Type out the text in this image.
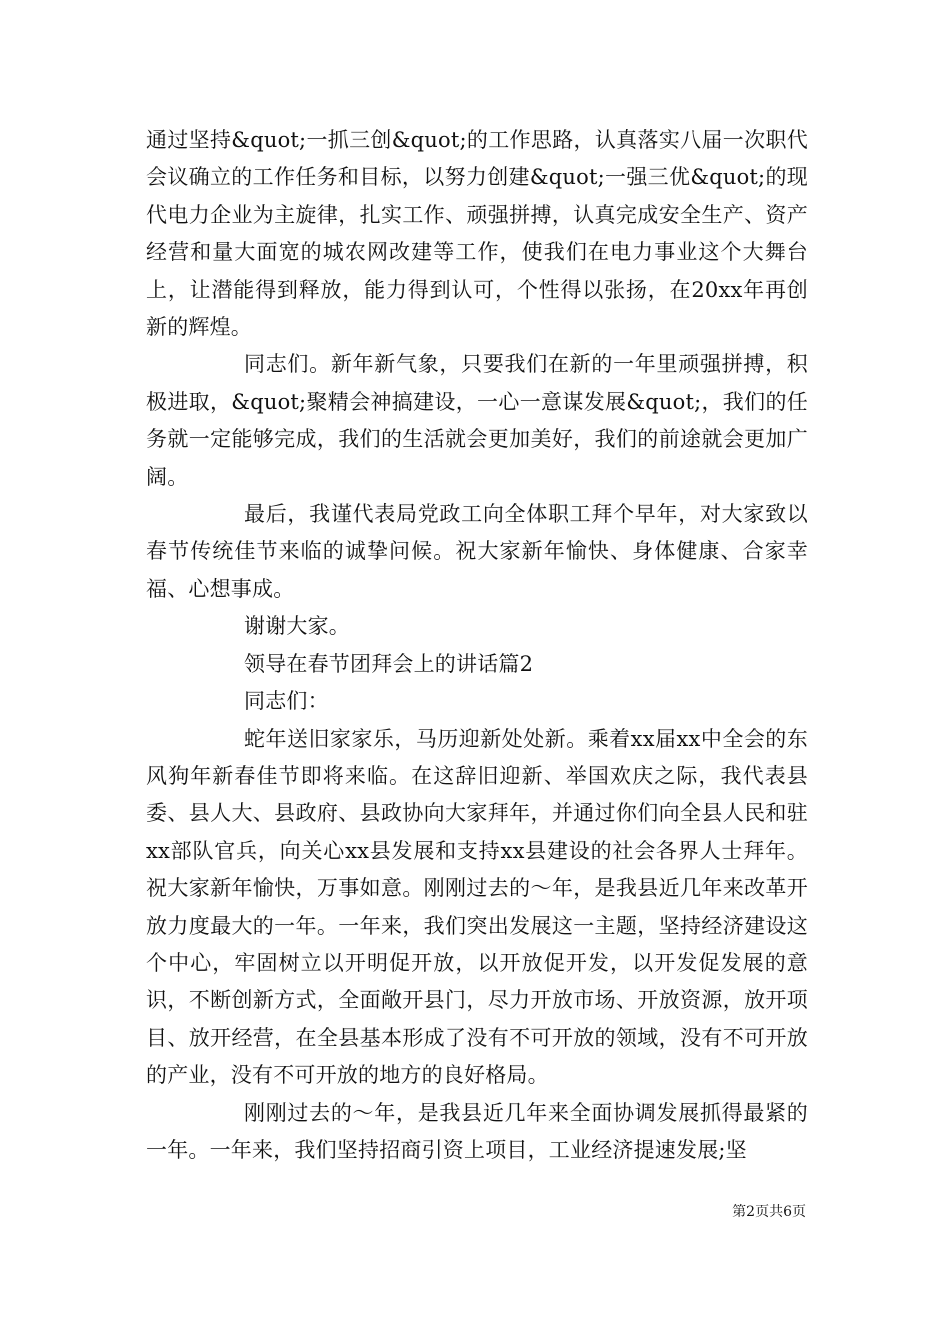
通过坚持&quot;一抓三创&quot;的工作思路，认真落实八届一次职代会议确立的工作任务和目标，以努力创建&quot;一强三优&quot;的现代电力企业为主旋律，扎实工作、顽强拼搏，认真完成安全生产、资产经营和量大面宽的城农网改建等工作，使我们在电力事业这个大舞台上，让潜能得到释放，能力得到认可，个性得以张扬，在20xx年再创新的辉煌。

同志们。新年新气象，只要我们在新的一年里顽强拼搏，积极进取，&quot;聚精会神搞建设，一心一意谋发展&quot;，我们的任务就一定能够完成，我们的生活就会更加美好，我们的前途就会更加广阔。

最后，我谨代表局党政工向全体职工拜个早年，对大家致以春节传统佳节来临的诚挚问候。祝大家新年愉快、身体健康、合家幸福、心想事成。

谢谢大家。

领导在春节团拜会上的讲话篇2

同志们：

蛇年送旧家家乐，马历迎新处处新。乘着xx届xx中全会的东风狗年新春佳节即将来临。在这辞旧迎新、举国欢庆之际，我代表县委、县人大、县政府、县政协向大家拜年，并通过你们向全县人民和驻xx部队官兵，向关心xx县发展和支持xx县建设的社会各界人士拜年。祝大家新年愉快，万事如意。刚刚过去的～年，是我县近几年来改革开放力度最大的一年。一年来，我们突出发展这一主题，坚持经济建设这个中心，牢固树立以开明促开放，以开放促开发，以开发促发展的意识，不断创新方式，全面敞开县门，尽力开放市场、开放资源，放开项目、放开经营，在全县基本形成了没有不可开放的领域，没有不可开放的产业，没有不可开放的地方的良好格局。

刚刚过去的～年，是我县近几年来全面协调发展抓得最紧的一年。一年来，我们坚持招商引资上项目，工业经济提速发展;坚

第2页共6页
